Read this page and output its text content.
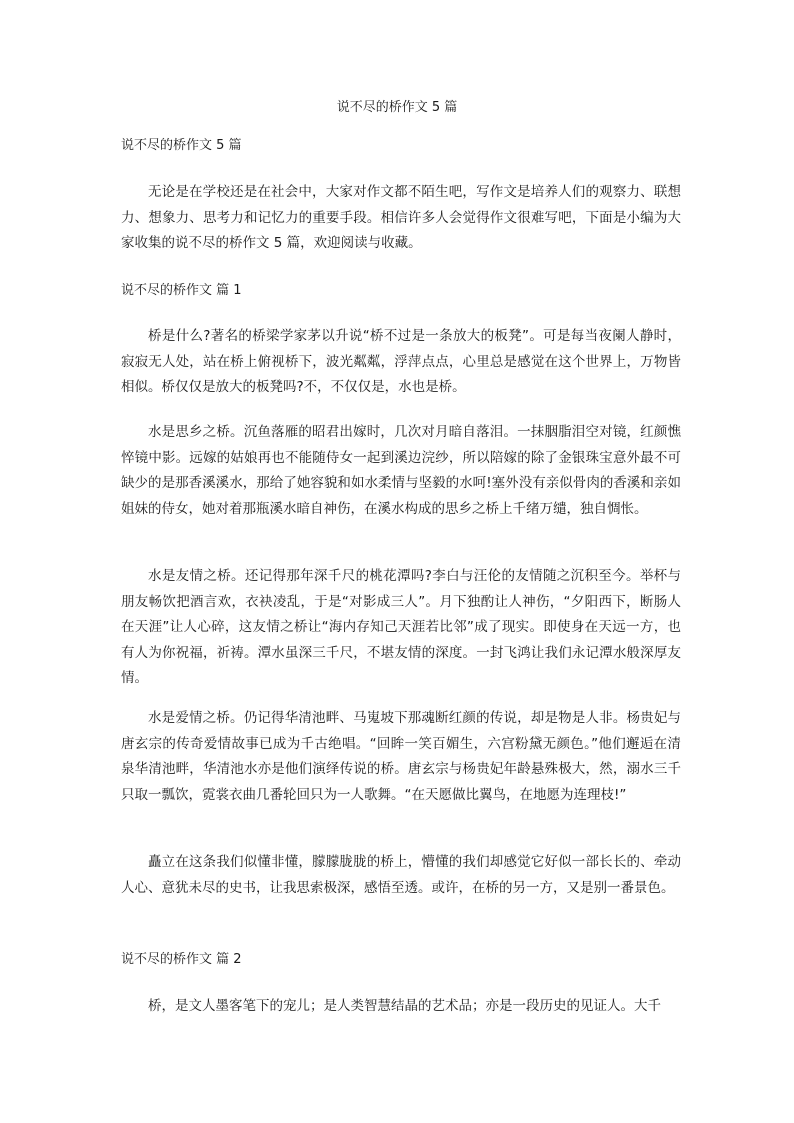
说不尽的桥作文 5 篇
说不尽的桥作文 5 篇
无论是在学校还是在社会中，大家对作文都不陌生吧，写作文是培养人们的观察力、联想力、想象力、思考力和记忆力的重要手段。相信许多人会觉得作文很难写吧，下面是小编为大家收集的说不尽的桥作文 5 篇，欢迎阅读与收藏。
说不尽的桥作文 篇 1
桥是什么?著名的桥梁学家茅以升说“桥不过是一条放大的板凳”。可是每当夜阑人静时，寂寂无人处，站在桥上俯视桥下，波光粼粼，浮萍点点，心里总是感觉在这个世界上，万物皆相似。桥仅仅是放大的板凳吗?不，不仅仅是，水也是桥。
水是思乡之桥。沉鱼落雁的昭君出嫁时，几次对月暗自落泪。一抹胭脂泪空对镜，红颜憔悴镜中影。远嫁的姑娘再也不能随侍女一起到溪边浣纱，所以陪嫁的除了金银珠宝意外最不可缺少的是那香溪溪水，那给了她容貌和如水柔情与坚毅的水呵!塞外没有亲似骨肉的香溪和亲如姐妹的侍女，她对着那瓶溪水暗自神伤，在溪水构成的思乡之桥上千绪万缱，独自惆怅。
水是友情之桥。还记得那年深千尺的桃花潭吗?李白与汪伦的友情随之沉积至今。举杯与朋友畅饮把酒言欢，衣袂凌乱，于是“对影成三人”。月下独酌让人神伤，“夕阳西下，断肠人在天涯”让人心碎，这友情之桥让“海内存知己天涯若比邻”成了现实。即使身在天远一方，也有人为你祝福，祈祷。潭水虽深三千尺，不堪友情的深度。一封飞鸿让我们永记潭水般深厚友情。
水是爱情之桥。仍记得华清池畔、马嵬坡下那魂断红颜的传说，却是物是人非。杨贵妃与唐玄宗的传奇爱情故事已成为千古绝唱。“回眸一笑百媚生，六宫粉黛无颜色。”他们邂逅在清泉华清池畔，华清池水亦是他们演绎传说的桥。唐玄宗与杨贵妃年龄悬殊极大，然，溺水三千只取一瓢饮，霓裳衣曲几番轮回只为一人歌舞。“在天愿做比翼鸟，在地愿为连理枝!”
矗立在这条我们似懂非懂，朦朦胧胧的桥上，懵懂的我们却感觉它好似一部长长的、牵动人心、意犹未尽的史书，让我思索极深，感悟至透。或许，在桥的另一方，又是别一番景色。
说不尽的桥作文 篇 2
桥，是文人墨客笔下的宠儿；是人类智慧结晶的艺术品；亦是一段历史的见证人。大千
